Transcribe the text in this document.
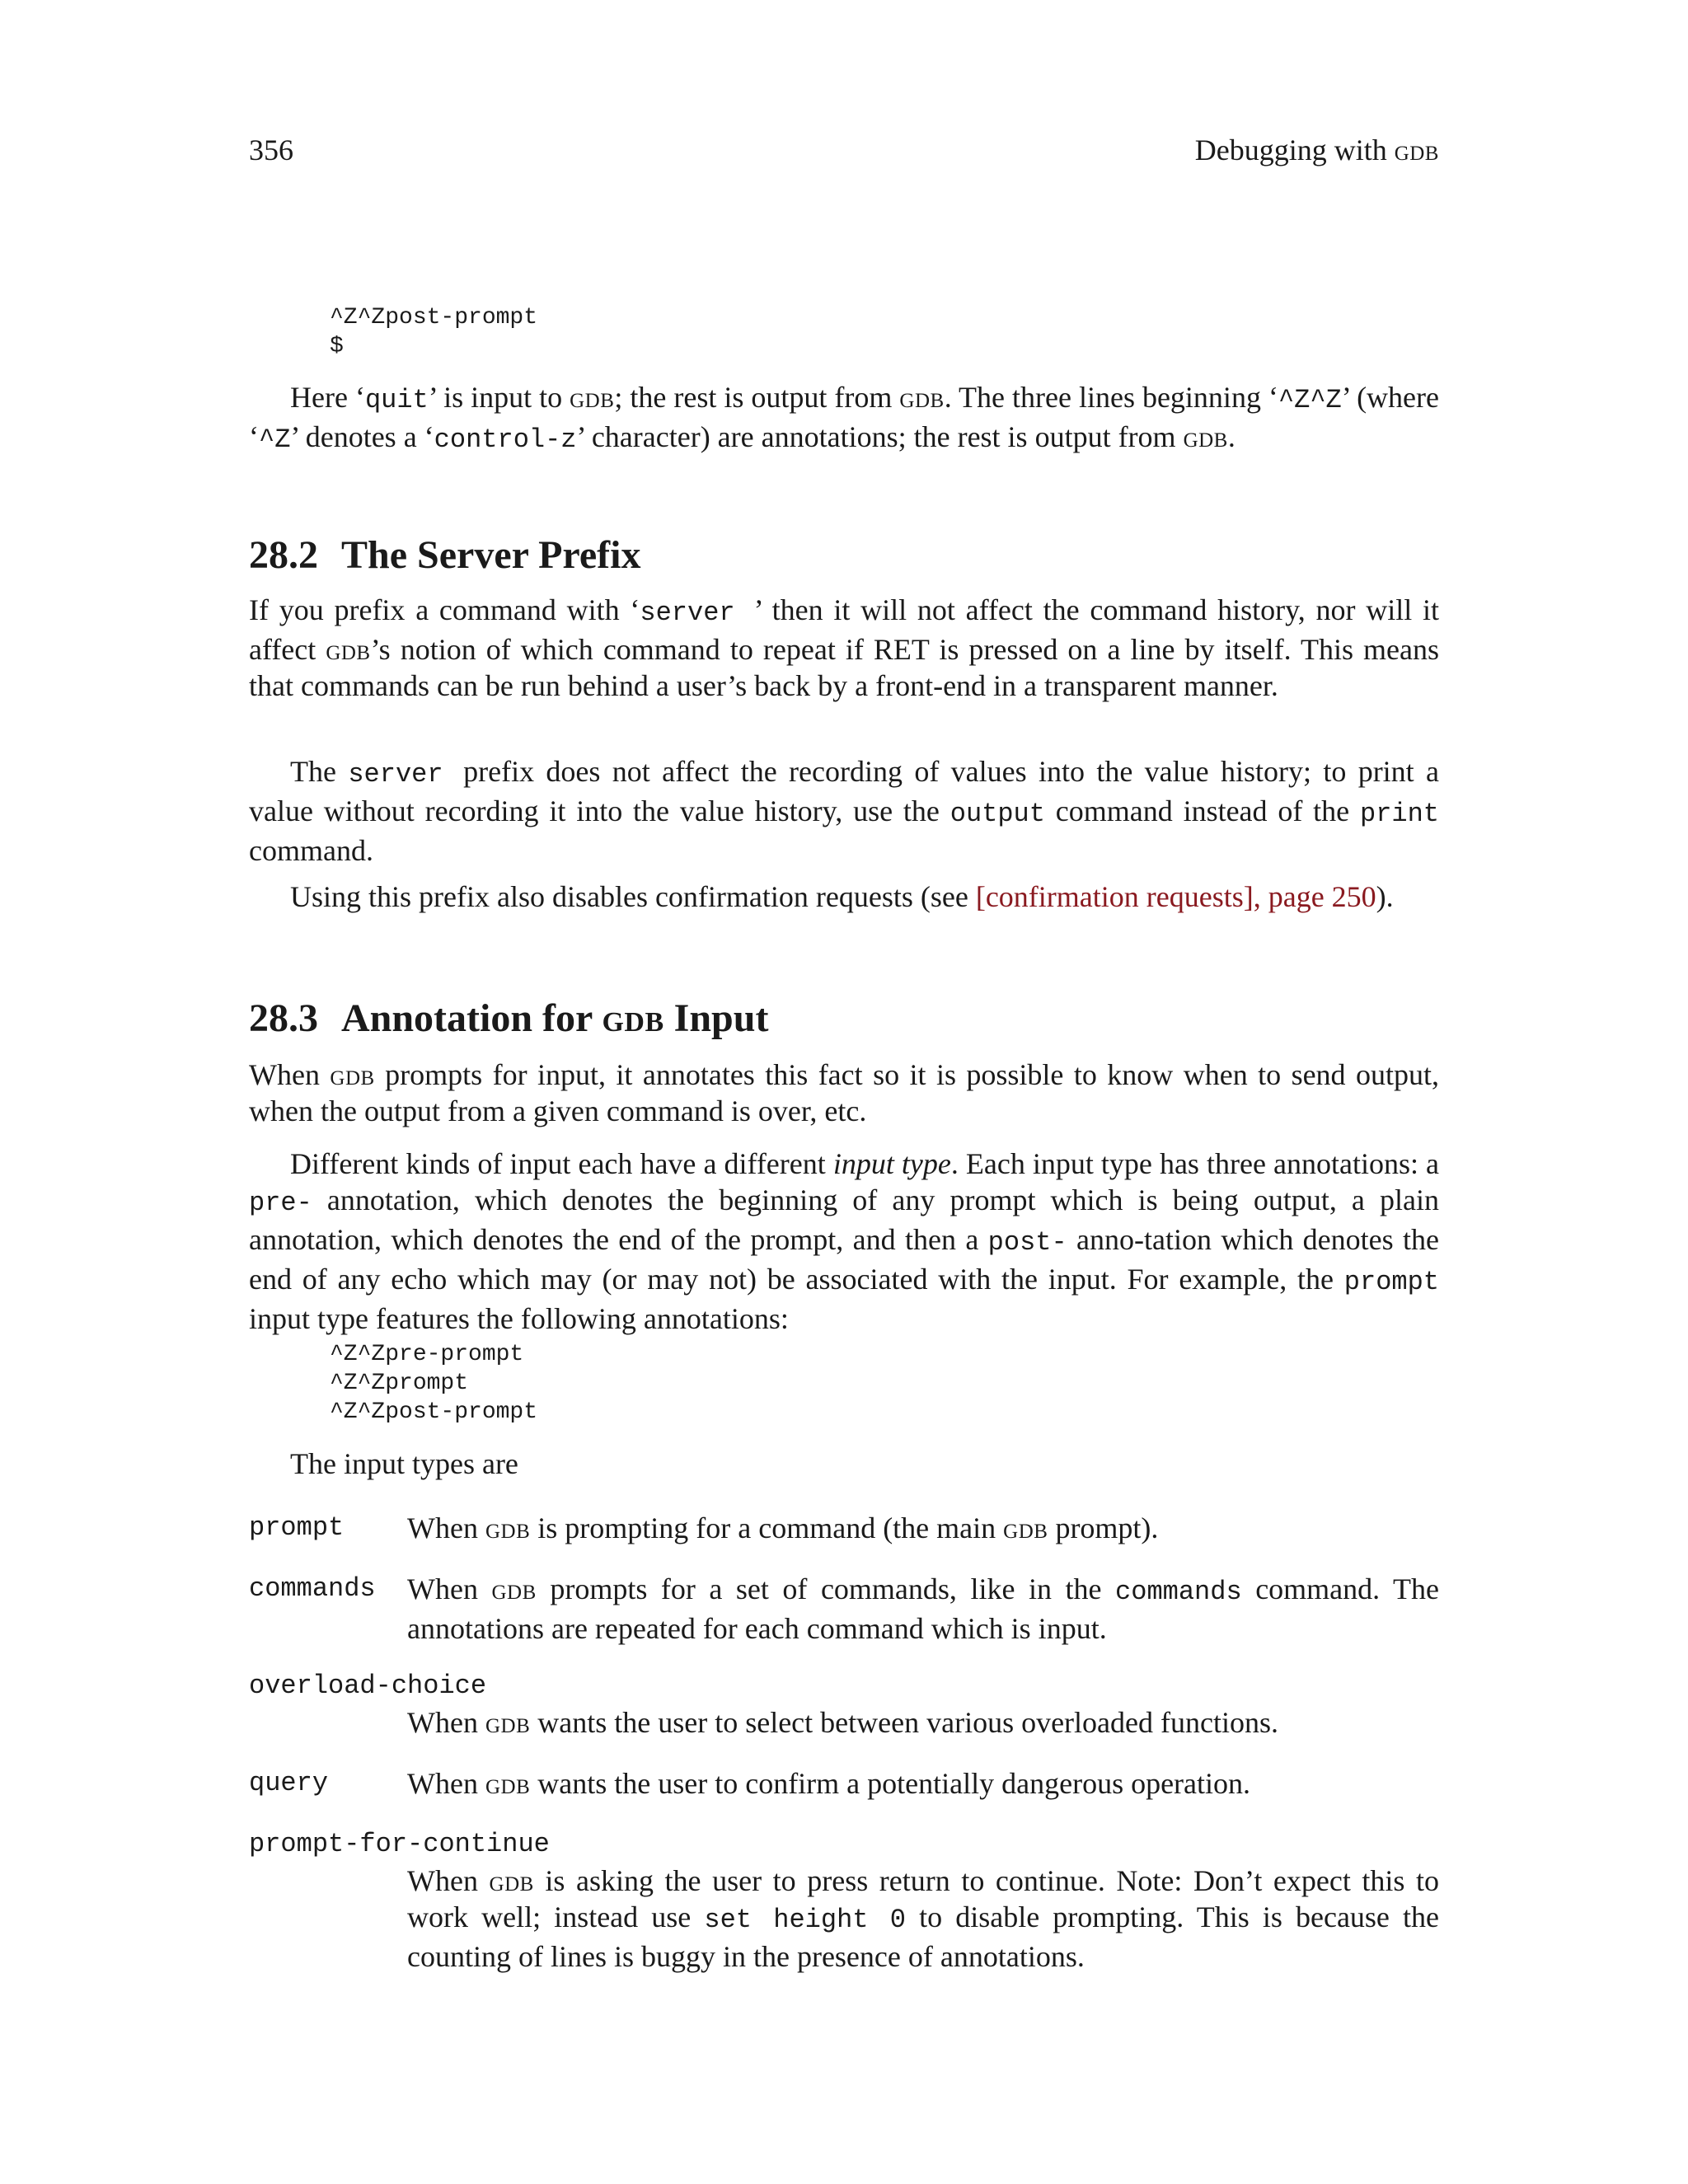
356	Debugging with gdb
^Z^Zpost-prompt
$
Here ‘quit’ is input to gdb; the rest is output from gdb. The three lines beginning ‘^Z^Z’ (where ‘^Z’ denotes a ‘control-z’ character) are annotations; the rest is output from gdb.
28.2 The Server Prefix
If you prefix a command with ‘server ’ then it will not affect the command history, nor will it affect gdb’s notion of which command to repeat if RET is pressed on a line by itself. This means that commands can be run behind a user’s back by a front-end in a transparent manner.
The server prefix does not affect the recording of values into the value history; to print a value without recording it into the value history, use the output command instead of the print command.
Using this prefix also disables confirmation requests (see [confirmation requests], page 250).
28.3 Annotation for gdb Input
When gdb prompts for input, it annotates this fact so it is possible to know when to send output, when the output from a given command is over, etc.
Different kinds of input each have a different input type. Each input type has three annotations: a pre- annotation, which denotes the beginning of any prompt which is being output, a plain annotation, which denotes the end of the prompt, and then a post- anno-tation which denotes the end of any echo which may (or may not) be associated with the input. For example, the prompt input type features the following annotations:
^Z^Zpre-prompt
^Z^Zprompt
^Z^Zpost-prompt
The input types are
prompt When gdb is prompting for a command (the main gdb prompt).
commands When gdb prompts for a set of commands, like in the commands command. The annotations are repeated for each command which is input.
overload-choice
When gdb wants the user to select between various overloaded functions.
query	When gdb wants the user to confirm a potentially dangerous operation.
prompt-for-continue
When gdb is asking the user to press return to continue. Note: Don’t expect this to work well; instead use set height 0 to disable prompting. This is because the counting of lines is buggy in the presence of annotations.
